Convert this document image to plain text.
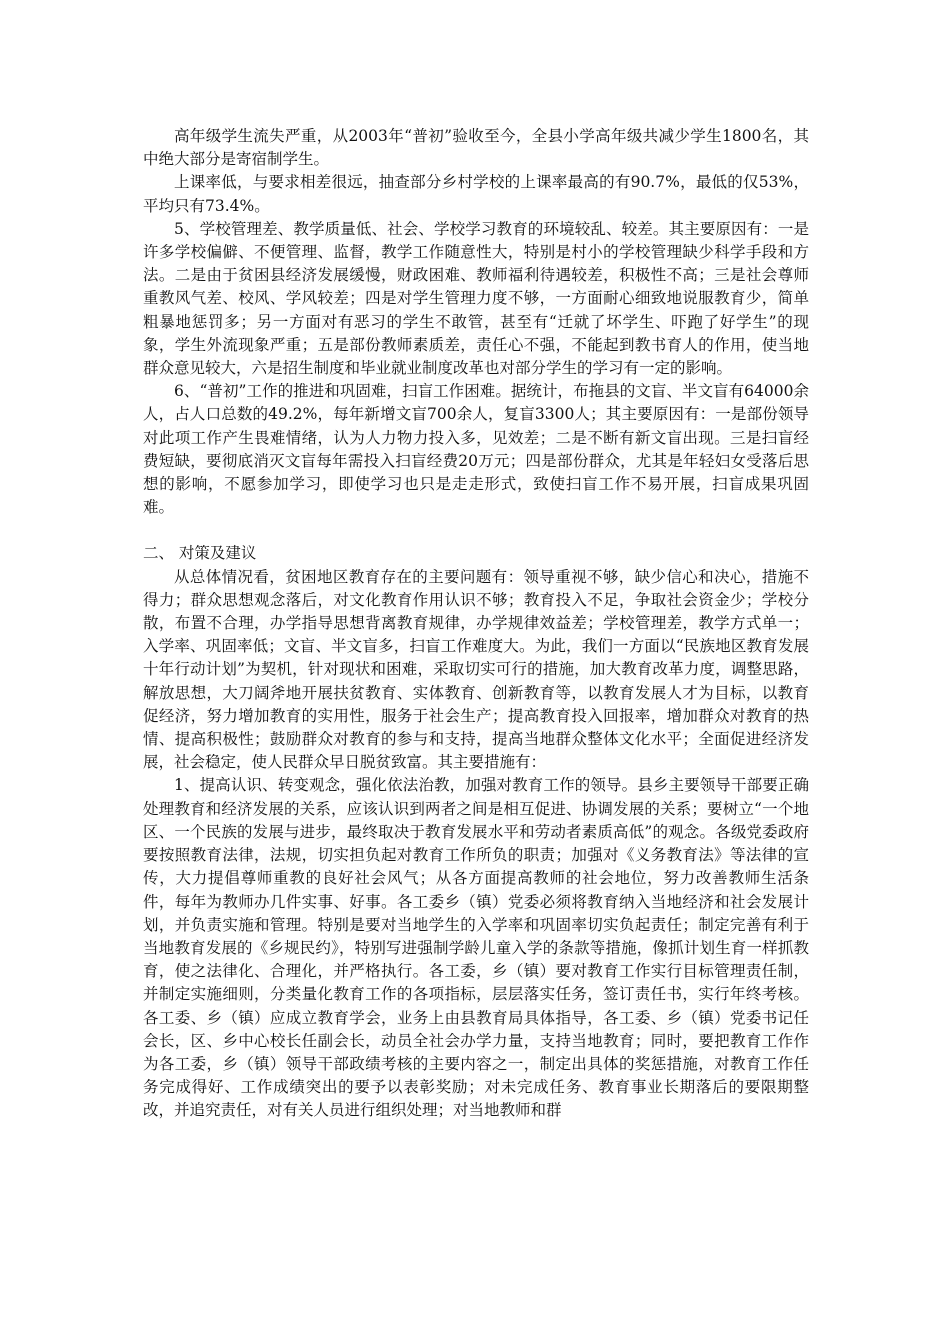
高年级学生流失严重，从2003年“普初”验收至今，全县小学高年级共减少学生1800名，其中绝大部分是寄宿制学生。

上课率低，与要求相差很远，抽查部分乡村学校的上课率最高的有90.7%，最低的仅53%，平均只有73.4%。

5、学校管理差、教学质量低、社会、学校学习教育的环境较乱、较差。其主要原因有：一是许多学校偏僻、不便管理、监督，教学工作随意性大，特别是村小的学校管理缺少科学手段和方法。二是由于贫困县经济发展缓慢，财政困难、教师福利待遇较差，积极性不高；三是社会尊师重教风气差、校风、学风较差；四是对学生管理力度不够，一方面耐心细致地说服教育少，简单粗暴地惩罚多；另一方面对有恶习的学生不敢管，甚至有“迁就了坏学生、吓跑了好学生”的现象，学生外流现象严重；五是部份教师素质差，责任心不强，不能起到教书育人的作用，使当地群众意见较大，六是招生制度和毕业就业制度改革也对部分学生的学习有一定的影响。

6、“普初”工作的推进和巩固难，扫盲工作困难。据统计，布拖县的文盲、半文盲有64000余人，占人口总数的49.2%，每年新增文盲700余人，复盲3300人；其主要原因有：一是部份领导对此项工作产生畏难情绪，认为人力物力投入多，见效差；二是不断有新文盲出现。三是扫盲经费短缺，要彻底消灭文盲每年需投入扫盲经费20万元；四是部份群众，尤其是年轻妇女受落后思想的影响，不愿参加学习，即使学习也只是走走形式，致使扫盲工作不易开展，扫盲成果巩固难。

二、 对策及建议

从总体情况看，贫困地区教育存在的主要问题有：领导重视不够，缺少信心和决心，措施不得力；群众思想观念落后，对文化教育作用认识不够；教育投入不足，争取社会资金少；学校分散，布置不合理，办学指导思想背离教育规律，办学规律效益差；学校管理差，教学方式单一；入学率、巩固率低；文盲、半文盲多，扫盲工作难度大。为此，我们一方面以“民族地区教育发展十年行动计划”为契机，针对现状和困难，采取切实可行的措施，加大教育改革力度，调整思路，解放思想，大刀阔斧地开展扶贫教育、实体教育、创新教育等，以教育发展人才为目标，以教育促经济，努力增加教育的实用性，服务于社会生产；提高教育投入回报率，增加群众对教育的热情、提高积极性；鼓励群众对教育的参与和支持，提高当地群众整体文化水平；全面促进经济发展，社会稳定，使人民群众早日脱贫致富。其主要措施有：

1、提高认识、转变观念，强化依法治教，加强对教育工作的领导。县乡主要领导干部要正确处理教育和经济发展的关系，应该认识到两者之间是相互促进、协调发展的关系；要树立“一个地区、一个民族的发展与进步，最终取决于教育发展水平和劳动者素质高低”的观念。各级党委政府要按照教育法律，法规，切实担负起对教育工作所负的职责；加强对《义务教育法》等法律的宣传，大力提倡尊师重教的良好社会风气；从各方面提高教师的社会地位，努力改善教师生活条件，每年为教师办几件实事、好事。各工委乡（镇）党委必须将教育纳入当地经济和社会发展计划，并负责实施和管理。特别是要对当地学生的入学率和巩固率切实负起责任；制定完善有利于当地教育发展的《乡规民约》，特别写进强制学龄儿童入学的条款等措施，像抓计划生育一样抓教育，使之法律化、合理化，并严格执行。各工委，乡（镇）要对教育工作实行目标管理责任制，并制定实施细则，分类量化教育工作的各项指标，层层落实任务，签订责任书，实行年终考核。各工委、乡（镇）应成立教育学会，业务上由县教育局具体指导，各工委、乡（镇）党委书记任会长，区、乡中心校长任副会长，动员全社会办学力量，支持当地教育；同时，要把教育工作作为各工委，乡（镇）领导干部政绩考核的主要内容之一，制定出具体的奖惩措施，对教育工作任务完成得好、工作成绩突出的要予以表彰奖励；对未完成任务、教育事业长期落后的要限期整改，并追究责任，对有关人员进行组织处理；对当地教师和群
